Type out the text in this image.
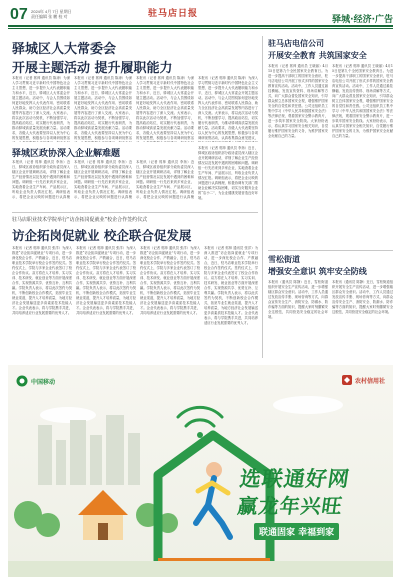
07 2024年 4月 7日 星期日
责任编辑 张 鹏 校 对	驻马店日报
驿城·经济·广告
驿城区人大常委会
开展主题活动 提升履职能力
本报讯（记者 郭帅 通讯员 陈涛）为深入学习贯彻习近平新时代中国特色社会主义思想，进一步提升人大代表履职能力和水平，近日，驿城区人大常委会开展主题活动。活动中，与会人员围绕如何更好地发挥人大代表作用、密切联系人民群众、助力全区经济社会高质量发展等内容进行了深入交流。大家表示，将以此次活动为契机，不断加强学习，提高政治站位，切实履行代表职责，为推动驿城高质量发展贡献力量。活动要求，各级人大代表要坚持以人民为中心的发展思想，积极参与各项调研视察活
本报讯（记者 郭帅 通讯员 陈涛）为深入学习贯彻习近平新时代中国特色社会主义思想，进一步提升人大代表履职能力和水平，近日，驿城区人大常委会开展主题活动。活动中，与会人员围绕如何更好地发挥人大代表作用、密切联系人民群众、助力全区经济社会高质量发展等内容进行了深入交流。大家表示，将以此次活动为契机，不断加强学习，提高政治站位，切实履行代表职责，为推动驿城高质量发展贡献力量。活动要求，各级人大代表要坚持以人民为中心的发展思想，积极参与各项调研视察活
本报讯（记者 郭帅 通讯员 陈涛）为深入学习贯彻习近平新时代中国特色社会主义思想，进一步提升人大代表履职能力和水平，近日，驿城区人大常委会开展主题活动。活动中，与会人员围绕如何更好地发挥人大代表作用、密切联系人民群众、助力全区经济社会高质量发展等内容进行了深入交流。大家表示，将以此次活动为契机，不断加强学习，提高政治站位，切实履行代表职责，为推动驿城高质量发展贡献力量。活动要求，各级人大代表要坚持以人民为中心的发展思想，积极参与各项调研视察活
本报讯（记者 郭帅 通讯员 陈涛）为深入学习贯彻习近平新时代中国特色社会主义思想，进一步提升人大代表履职能力和水平，近日，驿城区人大常委会开展主题活动。活动中，与会人员围绕如何更好地发挥人大代表作用、密切联系人民群众、助力全区经济社会高质量发展等内容进行了深入交流。大家表示，将以此次活动为契机，不断加强学习，提高政治站位，切实履行代表职责，为推动驿城高质量发展贡献力量。活动要求，各级人大代表要坚持以人民为中心的发展思想，积极参与各项调研视察活动，认真收集群众意见建议，
驿城区政协深入企业解难题
本报讯（记者 郭帅 通讯员 李扬）近日，驿城区政协组织部分政协委员深入辖区企业开展调研活动，详细了解企业生产经营情况以及发展中遇到的困难和问题。调研组一行先后来到多家企业，实地查看企业生产车间、产品展示区，听取企业负责人情况汇报。调研组表示，将把企业反映的问题进行认真梳
本报讯（记者 郭帅 通讯员 李扬）近日，驿城区政协组织部分政协委员深入辖区企业开展调研活动，详细了解企业生产经营情况以及发展中遇到的困难和问题。调研组一行先后来到多家企业，实地查看企业生产车间、产品展示区，听取企业负责人情况汇报。调研组表示，将把企业反映的问题进行认真梳
本报讯（记者 郭帅 通讯员 李扬）近日，驿城区政协组织部分政协委员深入辖区企业开展调研活动，详细了解企业生产经营情况以及发展中遇到的困难和问题。调研组一行先后来到多家企业，实地查看企业生产车间、产品展示区，听取企业负责人情况汇报。调研组表示，将把企业反映的问题进行认真梳
本报讯（记者 郭帅 通讯员 李扬）近日，驿城区政协组织部分政协委员深入辖区企业开展调研活动，详细了解企业生产经营情况以及发展中遇到的困难和问题。调研组一行先后来到多家企业，实地查看企业生产车间、产品展示区，听取企业负责人情况汇报。调研组表示，将把企业反映的问题进行认真梳理，积极协调有关部门帮助企业解决实际困难，切实当好服务企业的“店小二”，为企业健康发展营造良好环境。
驻马店职业技术学院举行“访企拓岗促就业”校企合作签约仪式
访企拓岗促就业 校企联合促发展
本报讯（记者 郭帅 通讯员 张洋）为深入推进“访企拓岗促就业”专项行动，进一步深化校企合作、产教融合，近日，驻马店职业技术学院举行校企合作签约仪式。签约仪式上，学院与多家企业代表签订了校企合作协议。双方将在人才培养、实习实训、技术研发、就业创业等方面开展深度合作，实现资源共享、优势互补、互利共赢。学院负责人表示，将以此次签约为契机，不断创新校企合作模式，拓宽毕业生就业渠道，提升人才培养质量，为地方经济社会发展输送更多高素质技术技能人才。企业代表表示，将与学院携手共进，共同培养适应行业发展需要的优秀人才。
本报讯（记者 郭帅 通讯员 张洋）为深入推进“访企拓岗促就业”专项行动，进一步深化校企合作、产教融合，近日，驻马店职业技术学院举行校企合作签约仪式。签约仪式上，学院与多家企业代表签订了校企合作协议。双方将在人才培养、实习实训、技术研发、就业创业等方面开展深度合作，实现资源共享、优势互补、互利共赢。学院负责人表示，将以此次签约为契机，不断创新校企合作模式，拓宽毕业生就业渠道，提升人才培养质量，为地方经济社会发展输送更多高素质技术技能人才。企业代表表示，将与学院携手共进，共同培养适应行业发展需要的优秀人才。
本报讯（记者 郭帅 通讯员 张洋）为深入推进“访企拓岗促就业”专项行动，进一步深化校企合作、产教融合，近日，驻马店职业技术学院举行校企合作签约仪式。签约仪式上，学院与多家企业代表签订了校企合作协议。双方将在人才培养、实习实训、技术研发、就业创业等方面开展深度合作，实现资源共享、优势互补、互利共赢。学院负责人表示，将以此次签约为契机，不断创新校企合作模式，拓宽毕业生就业渠道，提升人才培养质量，为地方经济社会发展输送更多高素质技术技能人才。企业代表表示，将与学院携手共进，共同培养适应行业发展需要的优秀人才。
本报讯（记者 郭帅 通讯员 张洋）为深入推进“访企拓岗促就业”专项行动，进一步深化校企合作、产教融合，近日，驻马店职业技术学院举行校企合作签约仪式。签约仪式上，学院与多家企业代表签订了校企合作协议。双方将在人才培养、实习实训、技术研发、就业创业等方面开展深度合作，实现资源共享、优势互补、互利共赢。学院负责人表示，将以此次签约为契机，不断创新校企合作模式，拓宽毕业生就业渠道，提升人才培养质量，为地方经济社会发展输送更多高素质技术技能人才。企业代表表示，将与学院携手共进，共同培养适应行业发展需要的优秀人才。
驻马店电信公司
开展安全教育 共筑国家安全
本报讯（记者 郭帅 通讯员 王晓丽）4月15日是第九个全民国家安全教育日。为进一步提高干部职工的国家安全意识，驻马店电信公司开展了形式多样的国家安全教育宣传活动。活动中，工作人员通过悬挂横幅、发放宣传资料、现场讲解等方式，向广大群众普及国家安全知识，引导群众树立总体国家安全观，增强维护国家安全的自觉性和责任感。公司还组织员工集中学习《中华人民共和国国家安全法》等法律法规，观看国家安全警示教育片，进一步筑牢国家安全防线。大家纷纷表示，将认真学习国家安全相关知识，自觉履行维护国家安全的义务，为维护国家安全贡献自己的力量。
本报讯（记者 郭帅 通讯员 王晓丽）4月15日是第九个全民国家安全教育日。为进一步提高干部职工的国家安全意识，驻马店电信公司开展了形式多样的国家安全教育宣传活动。活动中，工作人员通过悬挂横幅、发放宣传资料、现场讲解等方式，向广大群众普及国家安全知识，引导群众树立总体国家安全观，增强维护国家安全的自觉性和责任感。公司还组织员工集中学习《中华人民共和国国家安全法》等法律法规，观看国家安全警示教育片，进一步筑牢国家安全防线。大家纷纷表示，将认真学习国家安全相关知识，自觉履行维护国家安全的义务，为维护国家安全贡献自己的力量。
雪松街道
增强安全意识 筑牢安全防线
本报讯（通讯员 陈静）近日，雪松街道组织开展安全生产宣传活动，进一步增强辖区群众安全意识。活动中，工作人员通过发放宣传手册、现场咨询等方式，向群众宣传安全生产、消防安全、防溺水、防诈骗等方面的知识，提醒大家时刻绷紧安全这根弦，共同营造安全稳定的社会环境。
本报讯（通讯员 陈静）近日，雪松街道组织开展安全生产宣传活动，进一步增强辖区群众安全意识。活动中，工作人员通过发放宣传手册、现场咨询等方式，向群众宣传安全生产、消防安全、防溺水、防诈骗等方面的知识，提醒大家时刻绷紧安全这根弦，共同营造安全稳定的社会环境。
中国移动	农村信用社
选联通好网
赢龙年兴旺
联通固家 幸福到家
